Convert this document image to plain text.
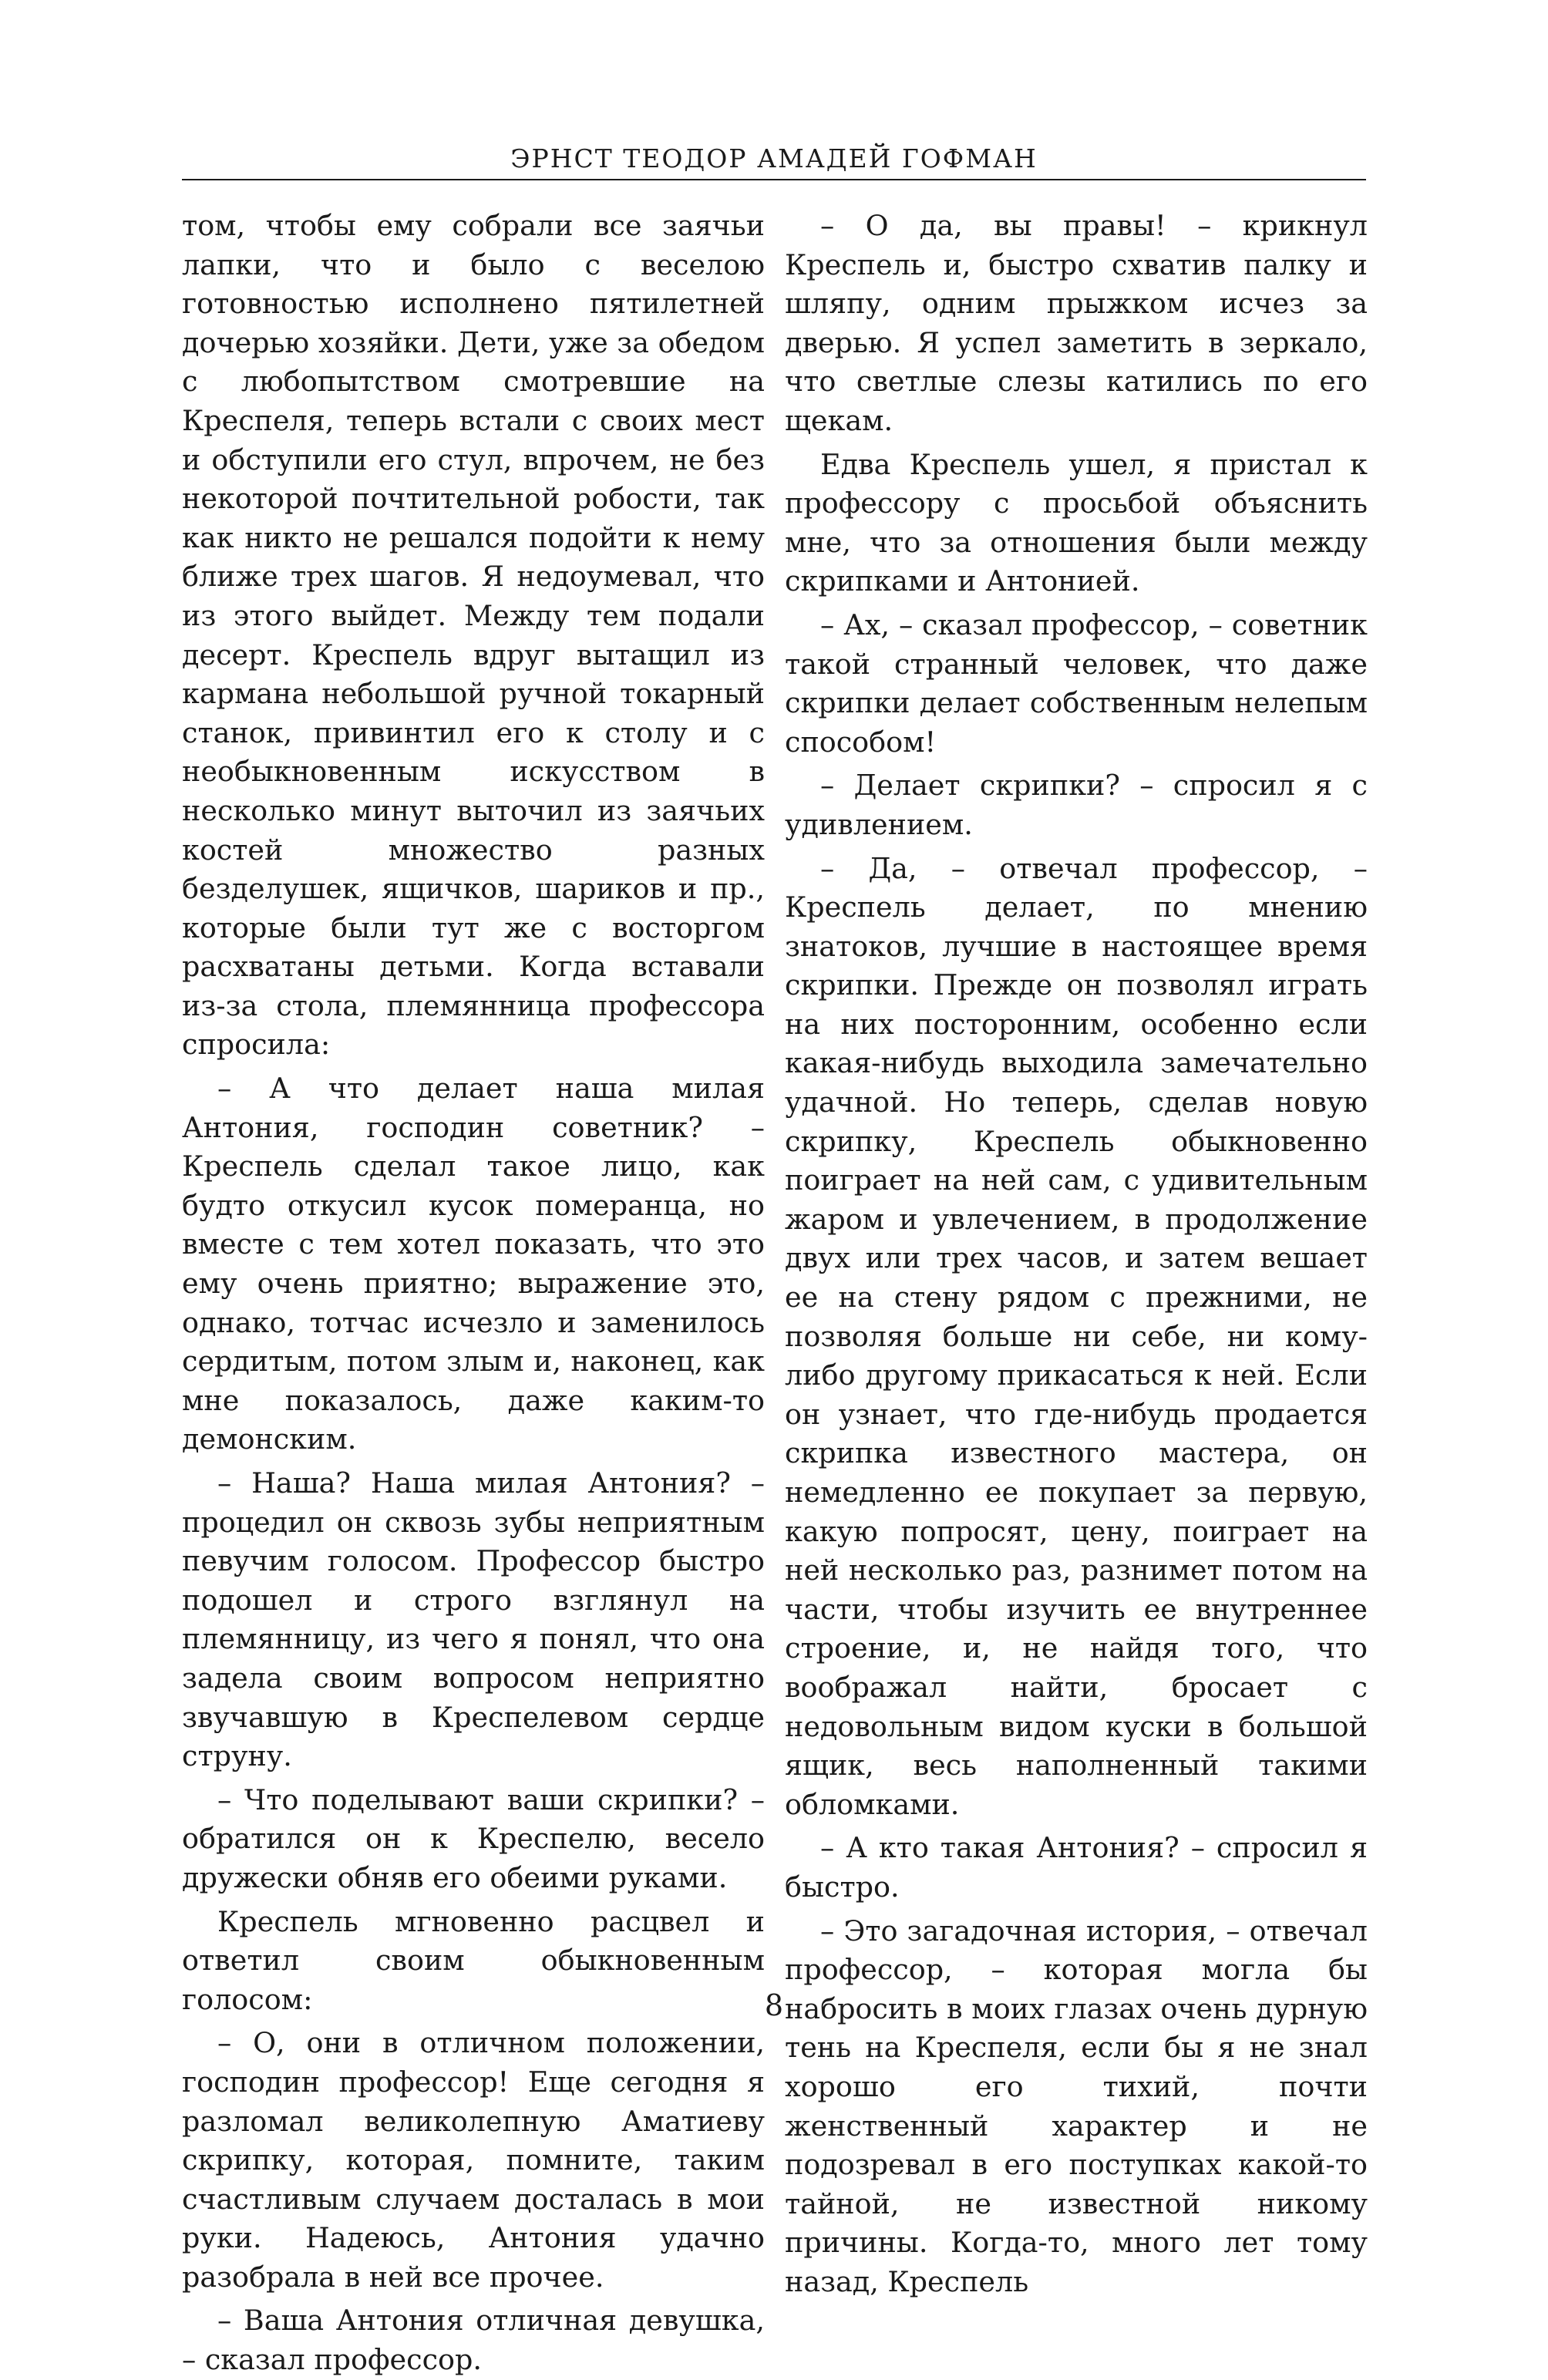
ЭРНСТ ТЕОДОР АМАДЕЙ ГОФМАН

том, чтобы ему собрали все заячьи лапки, что и было с веселою готовностью исполнено пятилетней дочерью хозяйки. Дети, уже за обедом с любопытством смотревшие на Креспеля, теперь встали с своих мест и обступили его стул, впрочем, не без некоторой почтительной робости, так как никто не решался подойти к нему ближе трех шагов. Я недоумевал, что из этого выйдет. Между тем подали десерт. Креспель вдруг вытащил из кармана небольшой ручной токарный станок, привинтил его к столу и с необыкновенным искусством в несколько минут выточил из заячьих костей множество разных безделушек, ящичков, шариков и пр., которые были тут же с восторгом расхватаны детьми. Когда вставали из-за стола, племянница профессора спросила:

– А что делает наша милая Антония, господин советник? – Креспель сделал такое лицо, как будто откусил кусок померанца, но вместе с тем хотел показать, что это ему очень приятно; выражение это, однако, тотчас исчезло и заменилось сердитым, потом злым и, наконец, как мне показалось, даже каким-то демонским.

– Наша? Наша милая Антония? – процедил он сквозь зубы неприятным певучим голосом. Профессор быстро подошел и строго взглянул на племянницу, из чего я понял, что она задела своим вопросом неприятно звучавшую в Креспелевом сердце струну.

– Что поделывают ваши скрипки? – обратился он к Креспелю, весело дружески обняв его обеими руками.

Креспель мгновенно расцвел и ответил своим обыкновенным голосом:

– О, они в отличном положении, господин профессор! Еще сегодня я разломал великолепную Аматиеву скрипку, которая, помните, таким счастливым случаем досталась в мои руки. Надеюсь, Антония удачно разобрала в ней все прочее.

– Ваша Антония отличная девушка, – сказал профессор.

– О да, вы правы! – крикнул Креспель и, быстро схватив палку и шляпу, одним прыжком исчез за дверью. Я успел заметить в зеркало, что светлые слезы катились по его щекам.

Едва Креспель ушел, я пристал к профессору с просьбой объяснить мне, что за отношения были между скрипками и Антонией.

– Ах, – сказал профессор, – советник такой странный человек, что даже скрипки делает собственным нелепым способом!

– Делает скрипки? – спросил я с удивлением.

– Да, – отвечал профессор, – Креспель делает, по мнению знатоков, лучшие в настоящее время скрипки. Прежде он позволял играть на них посторонним, особенно если какая-нибудь выходила замечательно удачной. Но теперь, сделав новую скрипку, Креспель обыкновенно поиграет на ней сам, с удивительным жаром и увлечением, в продолжение двух или трех часов, и затем вешает ее на стену рядом с прежними, не позволяя больше ни себе, ни кому-либо другому прикасаться к ней. Если он узнает, что где-нибудь продается скрипка известного мастера, он немедленно ее покупает за первую, какую попросят, цену, поиграет на ней несколько раз, разнимет потом на части, чтобы изучить ее внутреннее строение, и, не найдя того, что воображал найти, бросает с недовольным видом куски в большой ящик, весь наполненный такими обломками.

– А кто такая Антония? – спросил я быстро.

– Это загадочная история, – отвечал профессор, – которая могла бы набросить в моих глазах очень дурную тень на Креспеля, если бы я не знал хорошо его тихий, почти женственный характер и не подозревал в его поступках какой-то тайной, не известной никому причины. Когда-то, много лет тому назад, Креспель

8
